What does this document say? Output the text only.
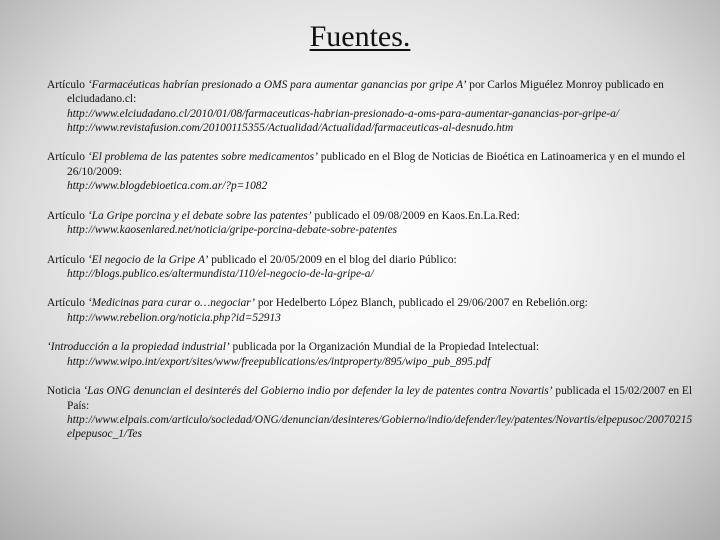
Fuentes.
Artículo ‘Farmacéuticas habrían presionado a OMS para aumentar ganancias por gripe A’ por Carlos Miguélez Monroy publicado en elciudadano.cl:
http://www.elciudadano.cl/2010/01/08/farmaceuticas-habrian-presionado-a-oms-para-aumentar-ganancias-por-gripe-a/
http://www.revistafusion.com/20100115355/Actualidad/Actualidad/farmaceuticas-al-desnudo.htm
Artículo ‘El problema de las patentes sobre medicamentos’ publicado en el Blog de Noticias de Bioética en Latinoamerica y en el mundo el 26/10/2009:
http://www.blogdebioetica.com.ar/?p=1082
Artículo ‘La Gripe porcina y el debate sobre las patentes’ publicado el 09/08/2009 en Kaos.En.La.Red:
http://www.kaosenlared.net/noticia/gripe-porcina-debate-sobre-patentes
Artículo ‘El negocio de la Gripe A’ publicado el 20/05/2009 en el blog del diario Público:
http://blogs.publico.es/altermundista/110/el-negocio-de-la-gripe-a/
Artículo ‘Medicinas para curar o…negociar’ por Hedelberto López Blanch, publicado el 29/06/2007 en Rebelión.org:
http://www.rebelion.org/noticia.php?id=52913
‘Introducción a la propiedad industrial’ publicada por la Organización Mundial de la Propiedad Intelectual:
http://www.wipo.int/export/sites/www/freepublications/es/intproperty/895/wipo_pub_895.pdf
Noticia ‘Las ONG denuncian el desinterés del Gobierno indio por defender la ley de patentes contra Novartis’ publicada el 15/02/2007 en El País:
http://www.elpais.com/articulo/sociedad/ONG/denuncian/desinteres/Gobierno/indio/defender/ley/patentes/Novartis/elpepusoc/20070215elpepusoc_1/Tes
